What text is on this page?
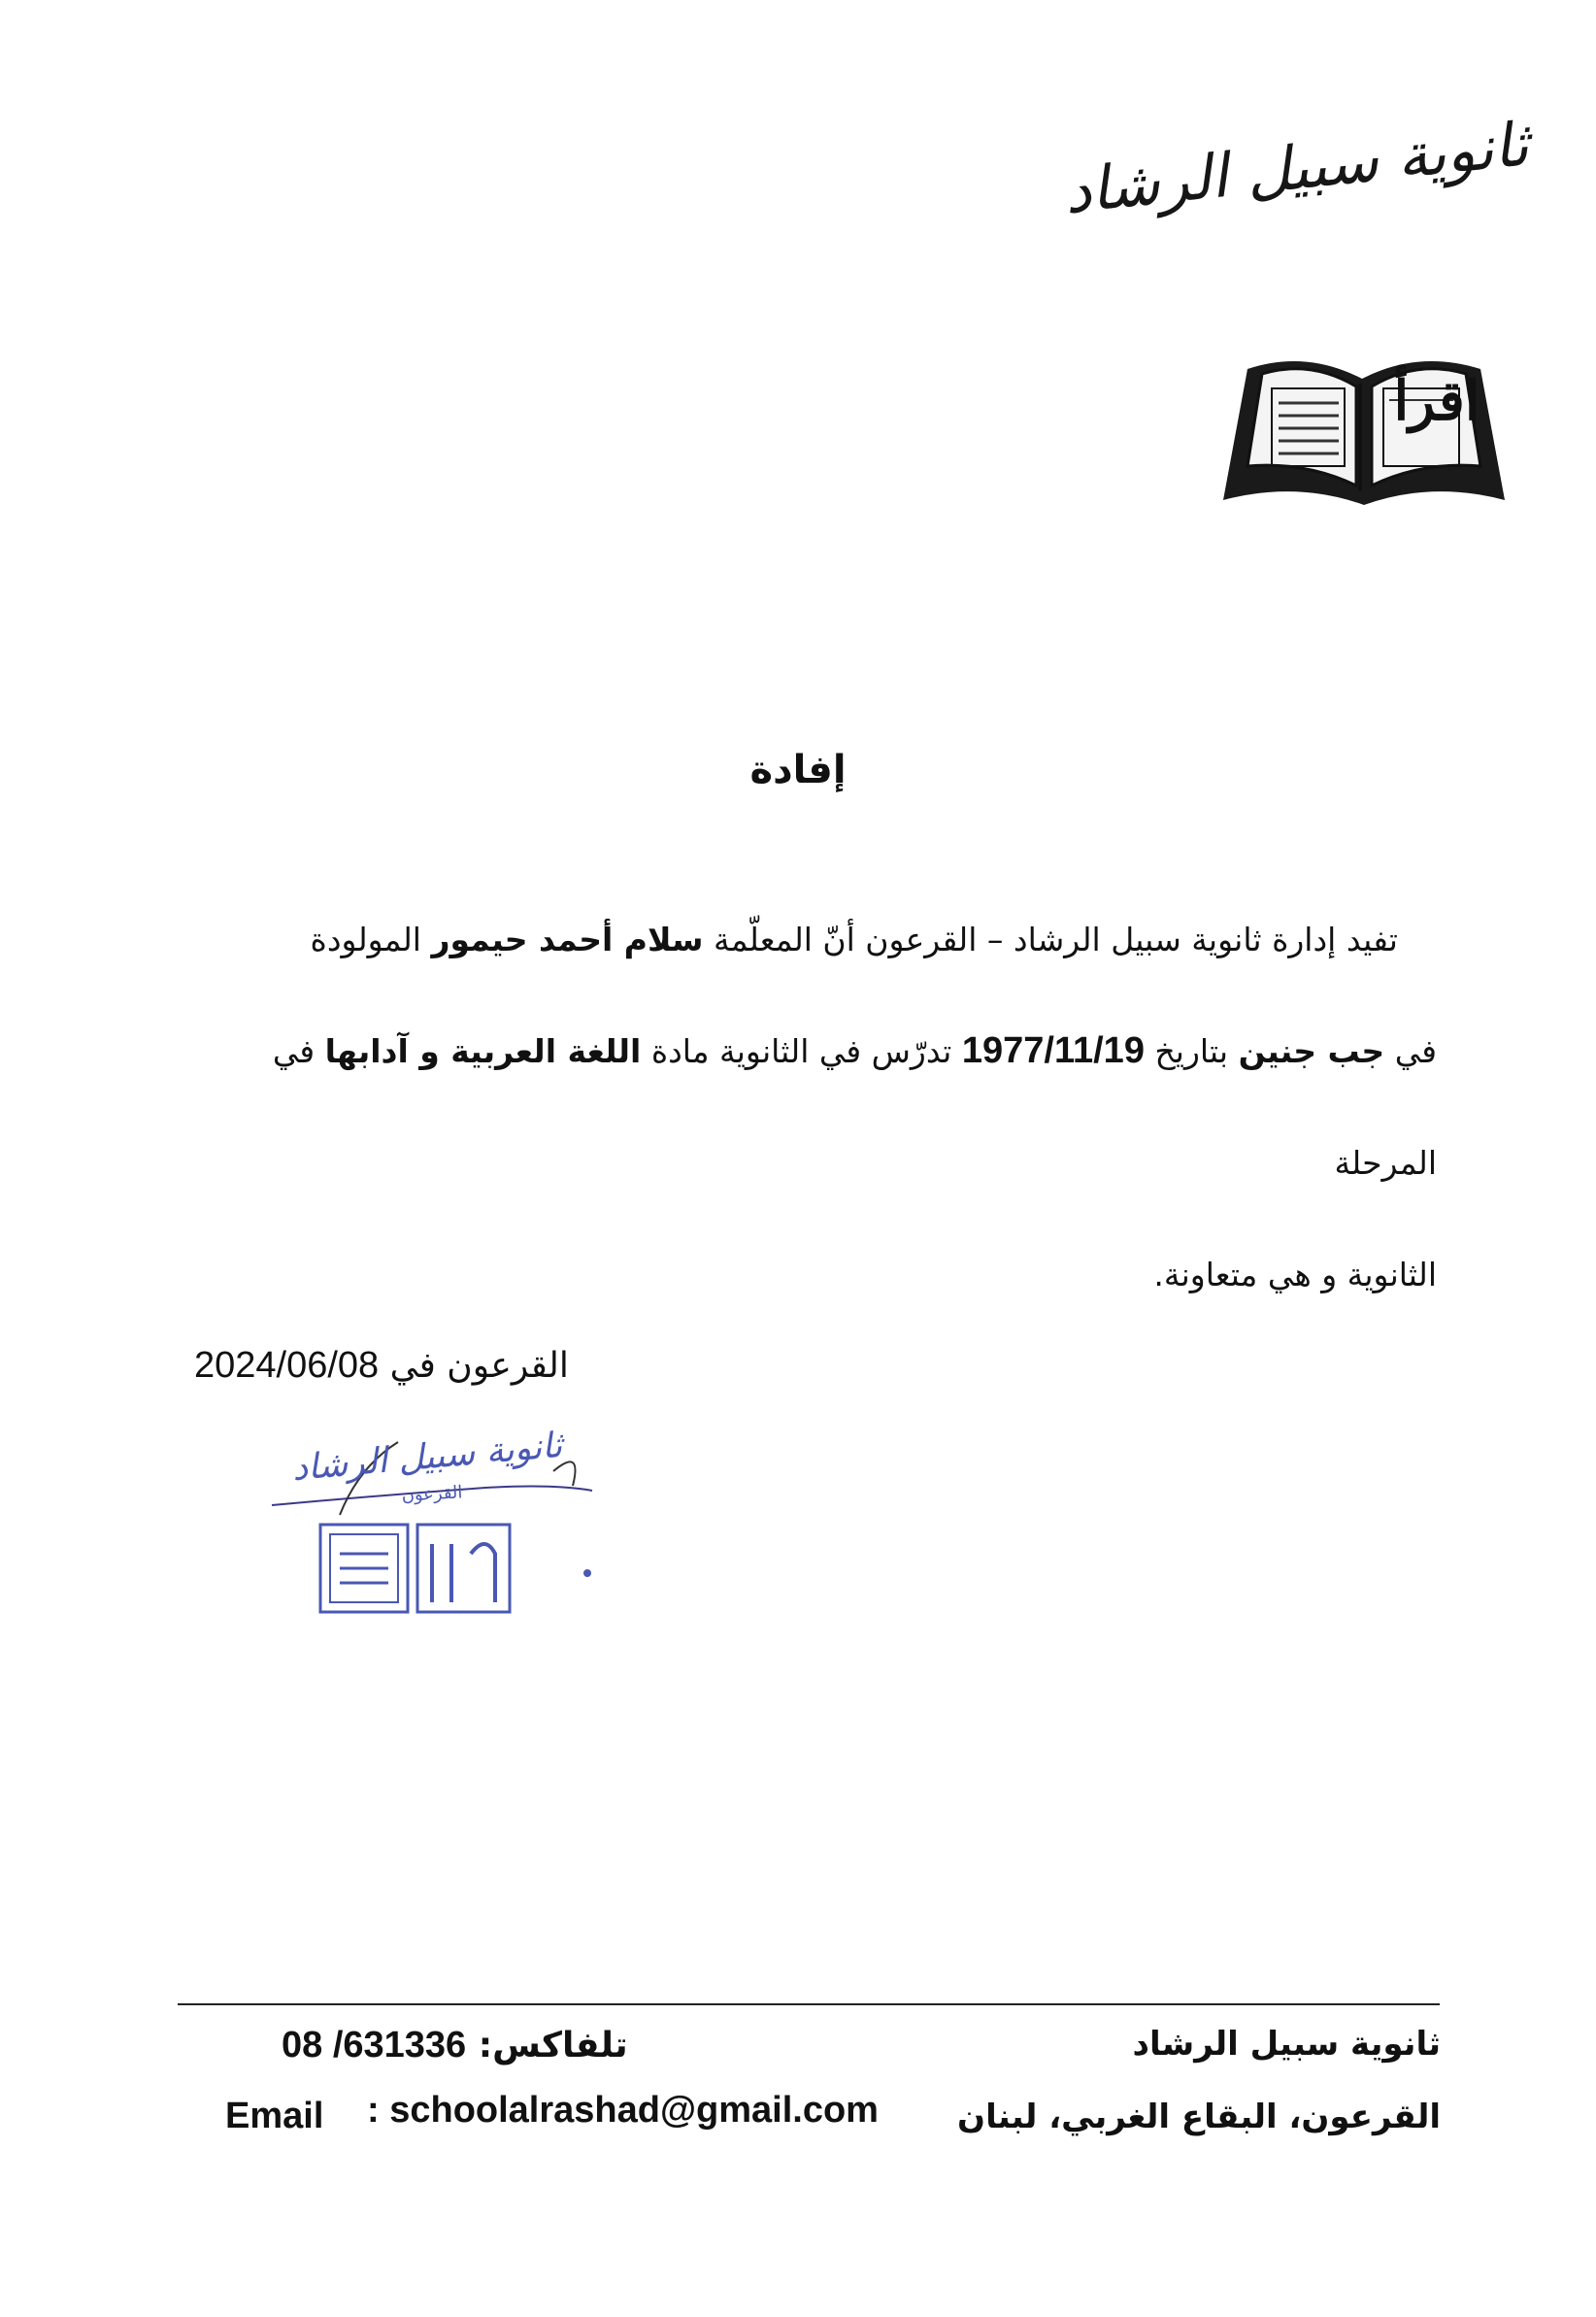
ثانوية سبيل الرشاد
اقرأ
إفادة
تفيد إدارة ثانوية سبيل الرشاد – القرعون أنّ المعلّمة سلام أحمد حيمور المولودة
في جب جنين بتاريخ 1977/11/19 تدرّس في الثانوية مادة اللغة العربية و آدابها في المرحلة
الثانوية و هي متعاونة.
القرعون في 2024/06/08
ثانوية سبيل الرشاد
القرعون
ثانوية سبيل الرشاد
القرعون، البقاع الغربي، لبنان
تلفاكس: 08 /631336
Email : schoolalrashad@gmail.com
